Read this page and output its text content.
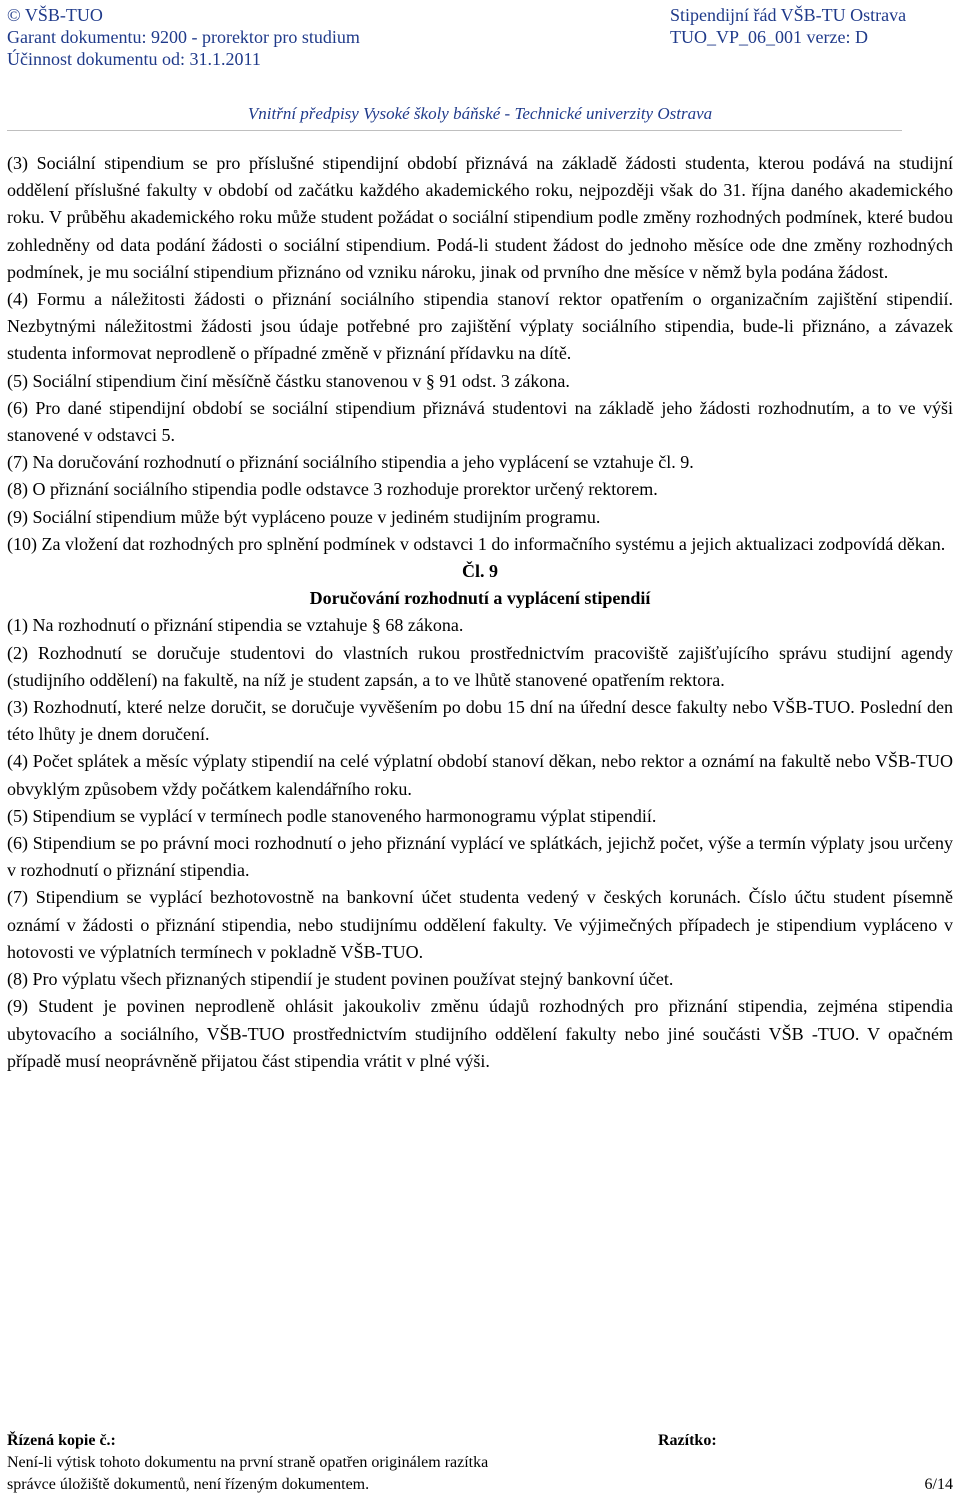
© VŠB-TUO	Stipendijní řád VŠB-TU Ostrava
Garant dokumentu: 9200 - prorektor pro studium	TUO_VP_06_001 verze: D
Účinnost dokumentu od: 31.1.2011
Vnitřní předpisy Vysoké školy báňské - Technické univerzity Ostrava

(3) Sociální stipendium se pro příslušné stipendijní období přiznává na základě žádosti studenta, kterou podává na studijní oddělení příslušné fakulty v období od začátku každého akademického roku, nejpozději však do 31. října daného akademického roku. V průběhu akademického roku může student požádat o sociální stipendium podle změny rozhodných podmínek, které budou zohledněny od data podání žádosti o sociální stipendium. Podá-li student žádost do jednoho měsíce ode dne změny rozhodných podmínek, je mu sociální stipendium přiznáno od vzniku nároku, jinak od prvního dne měsíce v němž byla podána žádost.

(4) Formu a náležitosti žádosti o přiznání sociálního stipendia stanoví rektor opatřením o organizačním zajištění stipendií. Nezbytnými náležitostmi žádosti jsou údaje potřebné pro zajištění výplaty sociálního stipendia, bude-li přiznáno, a závazek studenta informovat neprodleně o případné změně v přiznání přídavku na dítě.

(5) Sociální stipendium činí měsíčně částku stanovenou v § 91 odst. 3 zákona.

(6) Pro dané stipendijní období se sociální stipendium přiznává studentovi na základě jeho žádosti rozhodnutím, a to ve výši stanovené v odstavci 5.

(7) Na doručování rozhodnutí o přiznání sociálního stipendia a jeho vyplácení se vztahuje čl. 9.

(8) O přiznání sociálního stipendia podle odstavce 3 rozhoduje prorektor určený rektorem.

(9) Sociální stipendium může být vypláceno pouze v jediném studijním programu.

(10) Za vložení dat rozhodných pro splnění podmínek v odstavci 1 do informačního systému a jejich aktualizaci zodpovídá děkan.

Čl. 9

Doručování rozhodnutí a vyplácení stipendií

(1) Na rozhodnutí o přiznání stipendia se vztahuje § 68 zákona.

(2) Rozhodnutí se doručuje studentovi do vlastních rukou prostřednictvím pracoviště zajišťujícího správu studijní agendy (studijního oddělení) na fakultě, na níž je student zapsán, a to ve lhůtě stanovené opatřením rektora.

(3) Rozhodnutí, které nelze doručit, se doručuje vyvěšením po dobu 15 dní na úřední desce fakulty nebo VŠB-TUO. Poslední den této lhůty je dnem doručení.

(4) Počet splátek a měsíc výplaty stipendií na celé výplatní období stanoví děkan, nebo rektor a oznámí na fakultě nebo VŠB-TUO obvyklým způsobem vždy počátkem kalendářního roku.

(5) Stipendium se vyplácí v termínech podle stanoveného harmonogramu výplat stipendií.

(6) Stipendium se po právní moci rozhodnutí o jeho přiznání vyplácí ve splátkách, jejichž počet, výše a termín výplaty jsou určeny v rozhodnutí o přiznání stipendia.

(7) Stipendium se vyplácí bezhotovostně na bankovní účet studenta vedený v českých korunách. Číslo účtu student písemně oznámí v žádosti o přiznání stipendia, nebo studijnímu oddělení fakulty. Ve výjimečných případech je stipendium vypláceno v hotovosti ve výplatních termínech v pokladně VŠB-TUO.

(8) Pro výplatu všech přiznaných stipendií je student povinen používat stejný bankovní účet.

(9) Student je povinen neprodleně ohlásit jakoukoliv změnu údajů rozhodných pro přiznání stipendia, zejména stipendia ubytovacího a sociálního, VŠB-TUO prostřednictvím studijního oddělení fakulty nebo jiné součásti VŠB -TUO. V opačném případě musí neoprávněně přijatou část stipendia vrátit v plné výši.

Řízená kopie č.:	Razítko:
Není-li výtisk tohoto dokumentu na první straně opatřen originálem razítka
správce úložiště dokumentů, není řízeným dokumentem.	6/14
